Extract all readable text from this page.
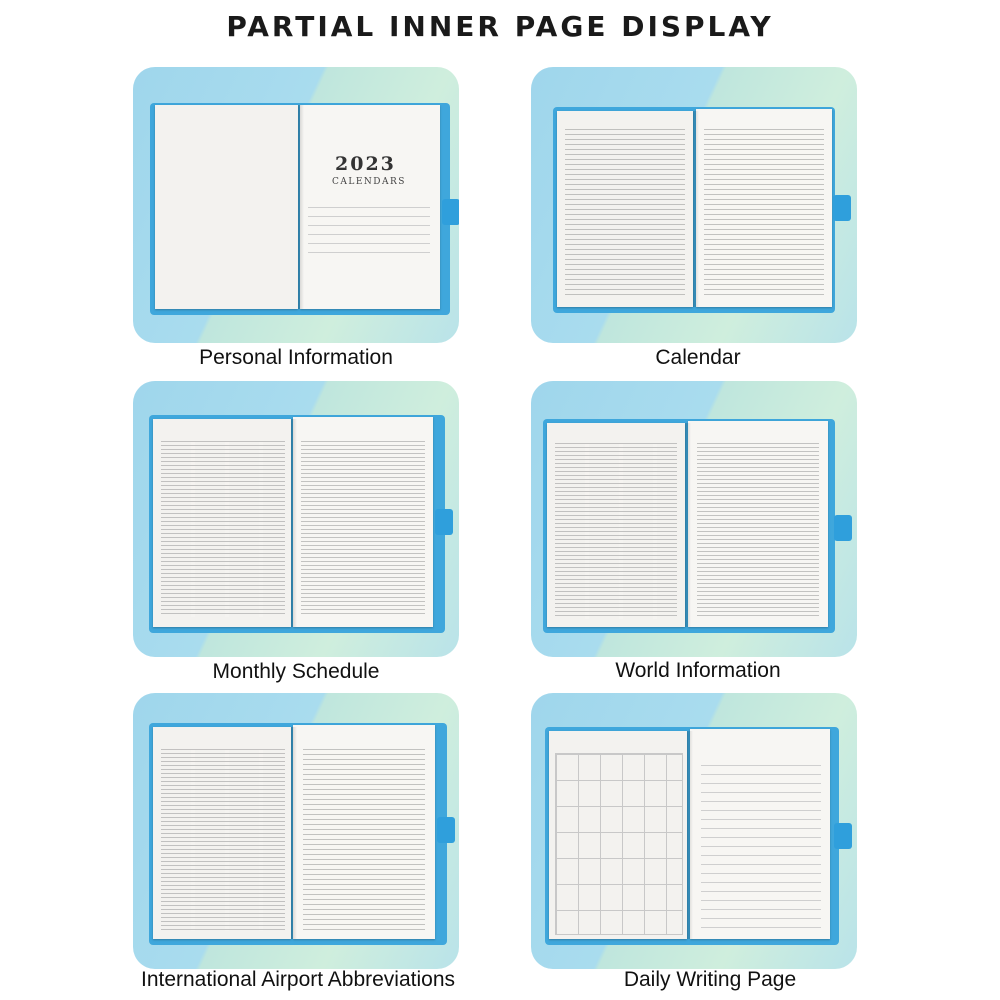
PARTIAL INNER PAGE DISPLAY
2023
CALENDARS
Personal Information	Calendar
Monthly Schedule	World Information
International Airport Abbreviations	Daily Writing Page
